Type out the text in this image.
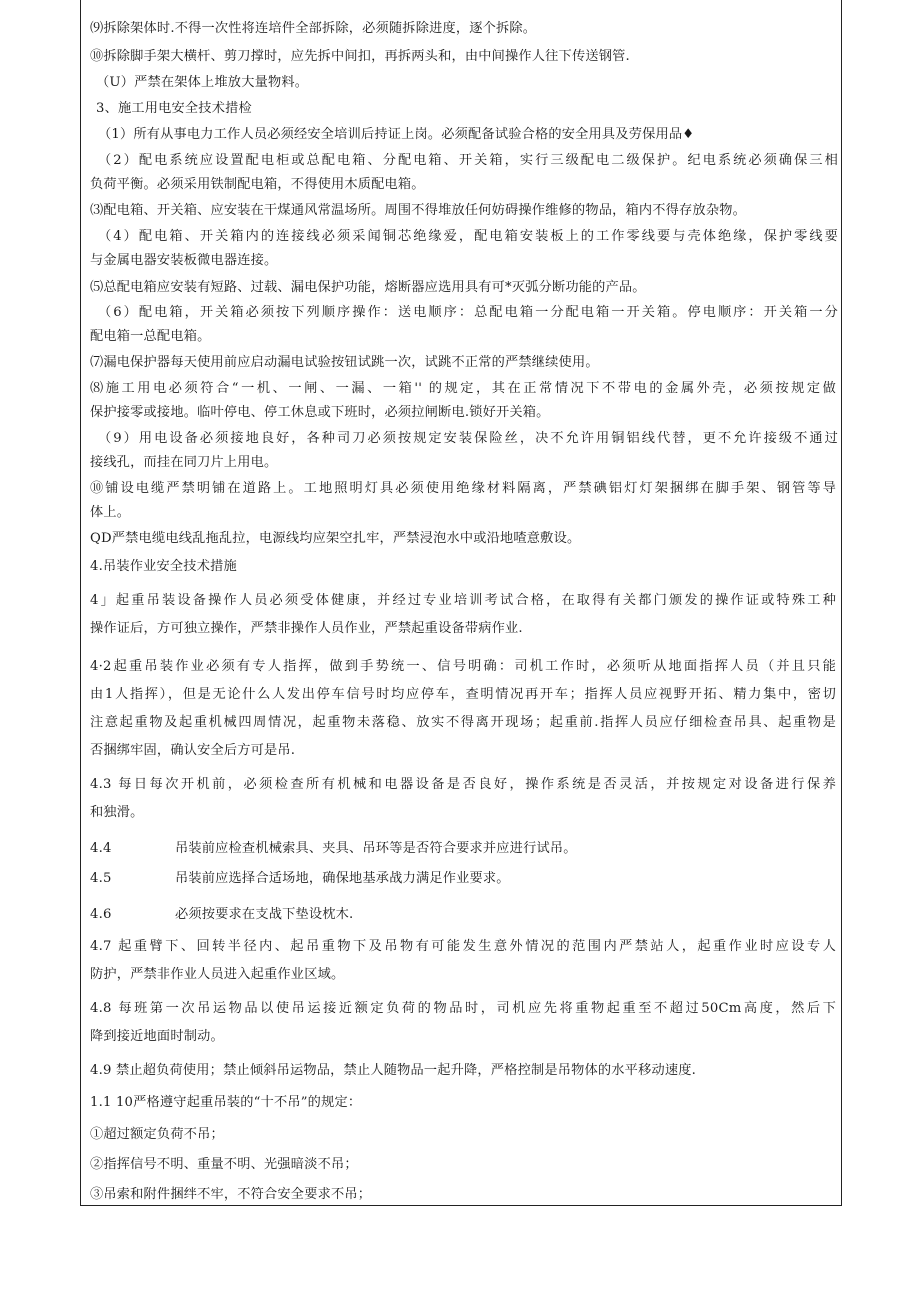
⑼拆除架体时.不得一次性将连培件全部拆除，必须随拆除进度，逐个拆除。
⑩拆除脚手架大横杆、剪刀撑时，应先拆中间扣，再拆两头和，由中间操作人往下传送钢管.
（U）严禁在架体上堆放大量物料。
3、施工用电安全技术措检
（1）所有从事电力工作人员必须经安全培训后持证上岗。必须配备试验合格的安全用具及劳保用品♦
（2）配电系统应设置配电柜或总配电箱、分配电箱、开关箱，实行三级配电二级保护。纪电系统必须确保三相
负荷平衡。必须采用铁制配电箱，不得使用木质配电箱。
⑶配电箱、开关箱、应安装在干煤通风常温场所。周围不得堆放任何妨碍操作维修的物品，箱内不得存放杂物。
（4）配电箱、开关箱内的连接线必须采闻铜芯绝缘爱，配电箱安装板上的工作零线要与壳体绝缘，保护零线要
与金属电器安装板微电器连接。
⑸总配电箱应安装有短路、过载、漏电保护功能，熔断器应选用具有可*灭弧分断功能的产品。
（6）配电箱，开关箱必须按下列顺序操作：送电顺序：总配电箱一分配电箱一开关箱。停电顺序：开关箱一分
配电箱一总配电箱。
⑺漏电保护器每天使用前应启动漏电试验按钮试跳一次，试跳不正常的严禁继续使用。
⑻施工用电必须符合“一机、一闸、一漏、一箱'' 的规定，其在正常情况下不带电的金属外壳，必须按规定做
保护接零或接地。临叶停电、停工休息或下班时，必须拉闸断电.锁好开关箱。
（9）用电设备必须接地良好，各种司刀必须按规定安装保险丝，决不允许用铜铝线代替，更不允许接级不通过
接线孔，而挂在同刀片上用电。
⑩铺设电缆严禁明铺在道路上。工地照明灯具必须使用绝缘材料隔离，严禁碘铝灯灯架捆绑在脚手架、钢管等导
体上。
QD严禁电缆电线乱拖乱拉，电源线均应架空扎牢，严禁浸泡水中或沿地喳意敷设。
4.吊装作业安全技术措施
4」起重吊装设备操作人员必须受体健康，并经过专业培训考试合格，在取得有关都门颁发的操作证或特殊工种
操作证后，方可独立操作，严禁非操作人员作业，严禁起重设备带病作业.
4·2起重吊装作业必须有专人指挥，做到手势统一、信号明确：司机工作时，必须听从地面指挥人员（并且只能
由1人指挥），但是无论什么人发出停车信号时均应停车，查明情况再开车；指挥人员应视野开拓、精力集中，密切
注意起重物及起重机械四周情况，起重物未落稳、放实不得离开现场；起重前.指挥人员应仔细检查吊具、起重物是
否捆绑牢固，确认安全后方可是吊.
4.3 每日每次开机前，必须检查所有机械和电器设备是否良好，操作系统是否灵活，并按规定对设备进行保养
和独滑。
4.4	吊装前应检查机械索具、夹具、吊环等是否符合要求并应进行试吊。
4.5	吊装前应选择合适场地，确保地基承战力满足作业要求。
4.6	必须按要求在支战下垫设枕木.
4.7 起重臂下、回转半径内、起吊重物下及吊物有可能发生意外情况的范围内严禁站人，起重作业时应设专人
防护，严禁非作业人员进入起重作业区域。
4.8 每班第一次吊运物品以使吊运接近额定负荷的物品时，司机应先将重物起重至不超过50Cm高度，然后下
降到接近地面时制动。
4.9 禁止超负荷使用；禁止倾斜吊运物品，禁止人随物品一起升降，严格控制是吊物体的水平移动速度.
1.1 10严格遵守起重吊装的“十不吊”的规定：
①超过额定负荷不吊；
②指挥信号不明、重量不明、光强暗淡不吊；
③吊索和附件捆绊不牢，不符合安全要求不吊；
